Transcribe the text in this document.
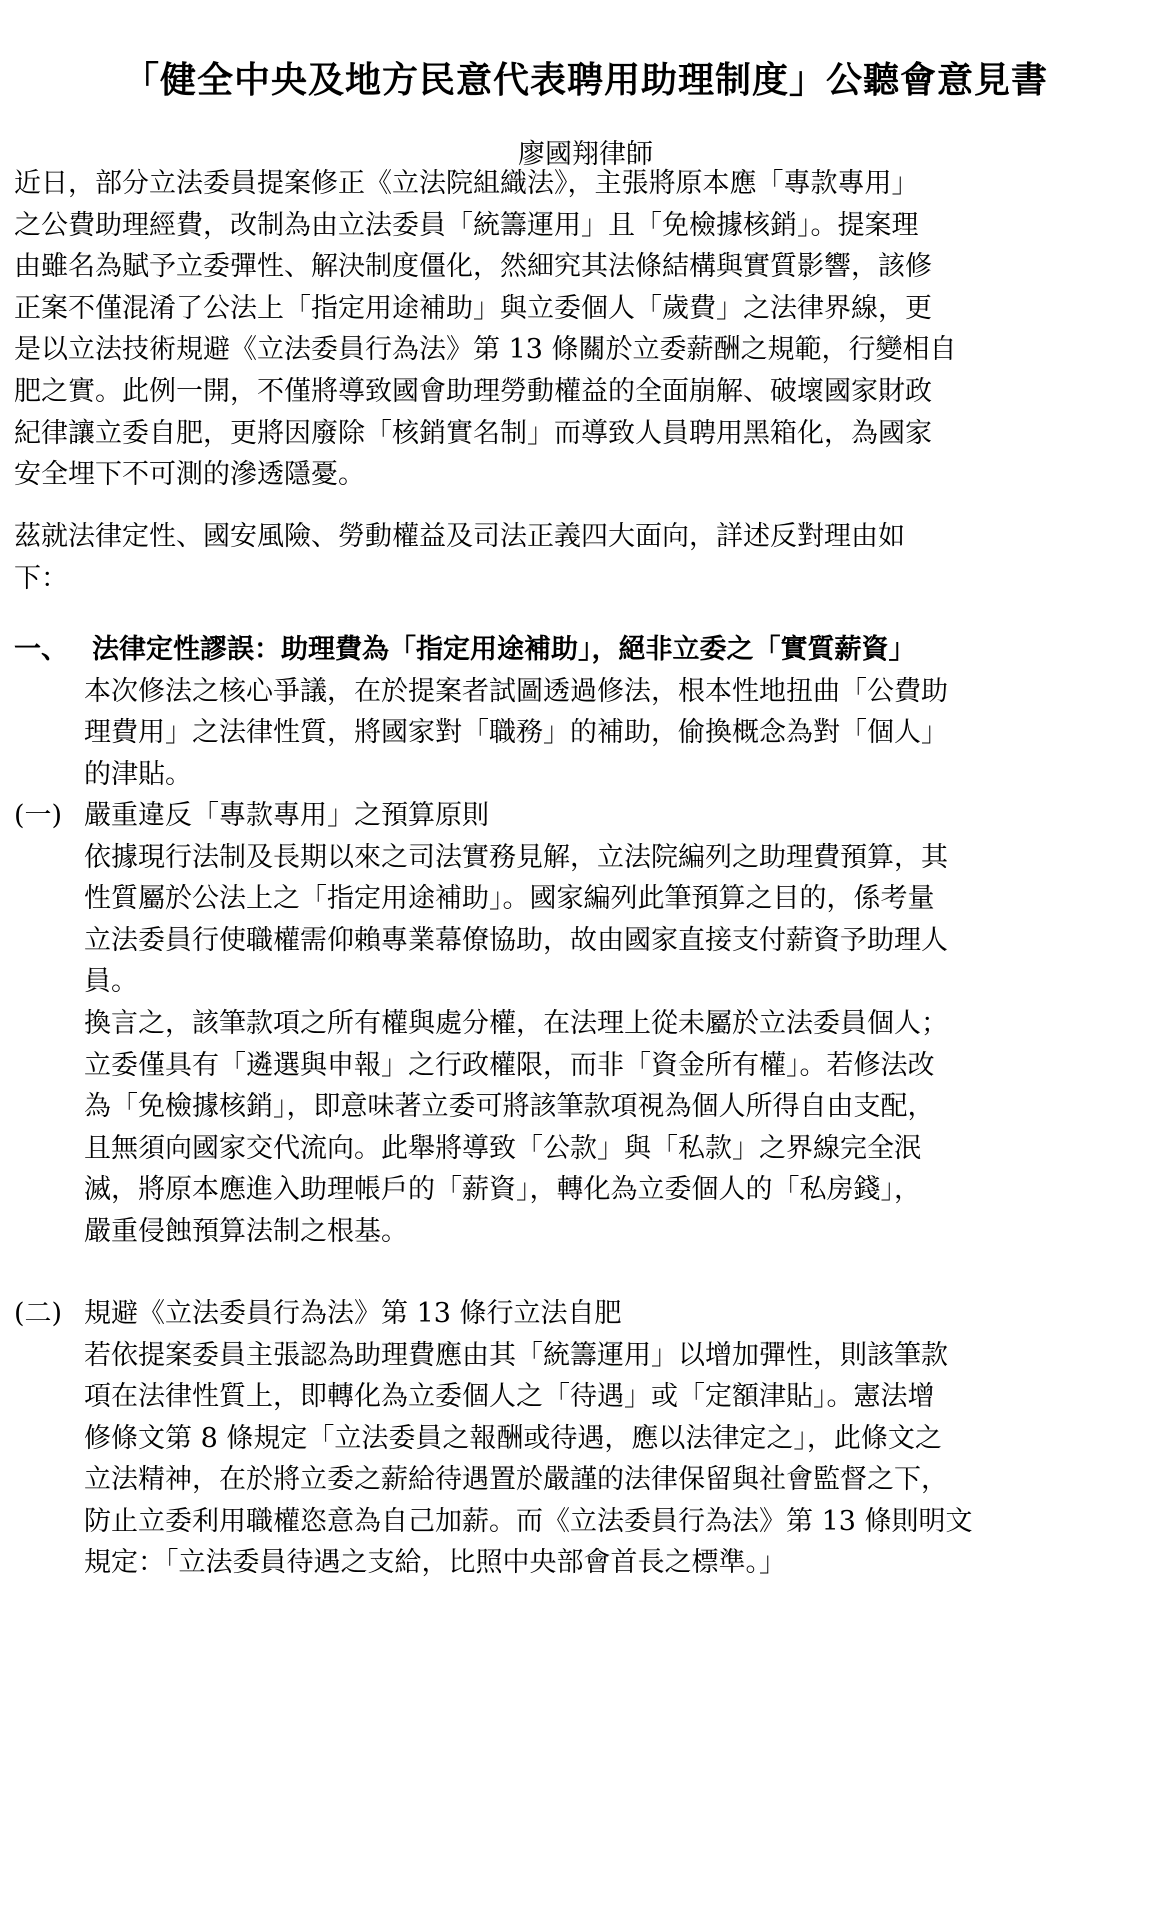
「健全中央及地方民意代表聘用助理制度」公聽會意見書
廖國翔律師
近日，部分立法委員提案修正《立法院組織法》，主張將原本應「專款專用」
之公費助理經費，改制為由立法委員「統籌運用」且「免檢據核銷」。提案理
由雖名為賦予立委彈性、解決制度僵化，然細究其法條結構與實質影響，該修
正案不僅混淆了公法上「指定用途補助」與立委個人「歲費」之法律界線，更
是以立法技術規避《立法委員行為法》第 13 條關於立委薪酬之規範，行變相自
肥之實。此例一開，不僅將導致國會助理勞動權益的全面崩解、破壞國家財政
紀律讓立委自肥，更將因廢除「核銷實名制」而導致人員聘用黑箱化，為國家
安全埋下不可測的滲透隱憂。
茲就法律定性、國安風險、勞動權益及司法正義四大面向，詳述反對理由如
下：
一、 法律定性謬誤：助理費為「指定用途補助」，絕非立委之「實質薪資」
本次修法之核心爭議，在於提案者試圖透過修法，根本性地扭曲「公費助
理費用」之法律性質，將國家對「職務」的補助，偷換概念為對「個人」
的津貼。
(一) 嚴重違反「專款專用」之預算原則
依據現行法制及長期以來之司法實務見解，立法院編列之助理費預算，其
性質屬於公法上之「指定用途補助」。國家編列此筆預算之目的，係考量
立法委員行使職權需仰賴專業幕僚協助，故由國家直接支付薪資予助理人
員。
換言之，該筆款項之所有權與處分權，在法理上從未屬於立法委員個人；
立委僅具有「遴選與申報」之行政權限，而非「資金所有權」。若修法改
為「免檢據核銷」，即意味著立委可將該筆款項視為個人所得自由支配，
且無須向國家交代流向。此舉將導致「公款」與「私款」之界線完全泯
滅，將原本應進入助理帳戶的「薪資」，轉化為立委個人的「私房錢」，
嚴重侵蝕預算法制之根基。
(二) 規避《立法委員行為法》第 13 條行立法自肥
若依提案委員主張認為助理費應由其「統籌運用」以增加彈性，則該筆款
項在法律性質上，即轉化為立委個人之「待遇」或「定額津貼」。憲法增
修條文第 8 條規定「立法委員之報酬或待遇，應以法律定之」，此條文之
立法精神，在於將立委之薪給待遇置於嚴謹的法律保留與社會監督之下，
防止立委利用職權恣意為自己加薪。而《立法委員行為法》第 13 條則明文
規定：「立法委員待遇之支給，比照中央部會首長之標準。」
